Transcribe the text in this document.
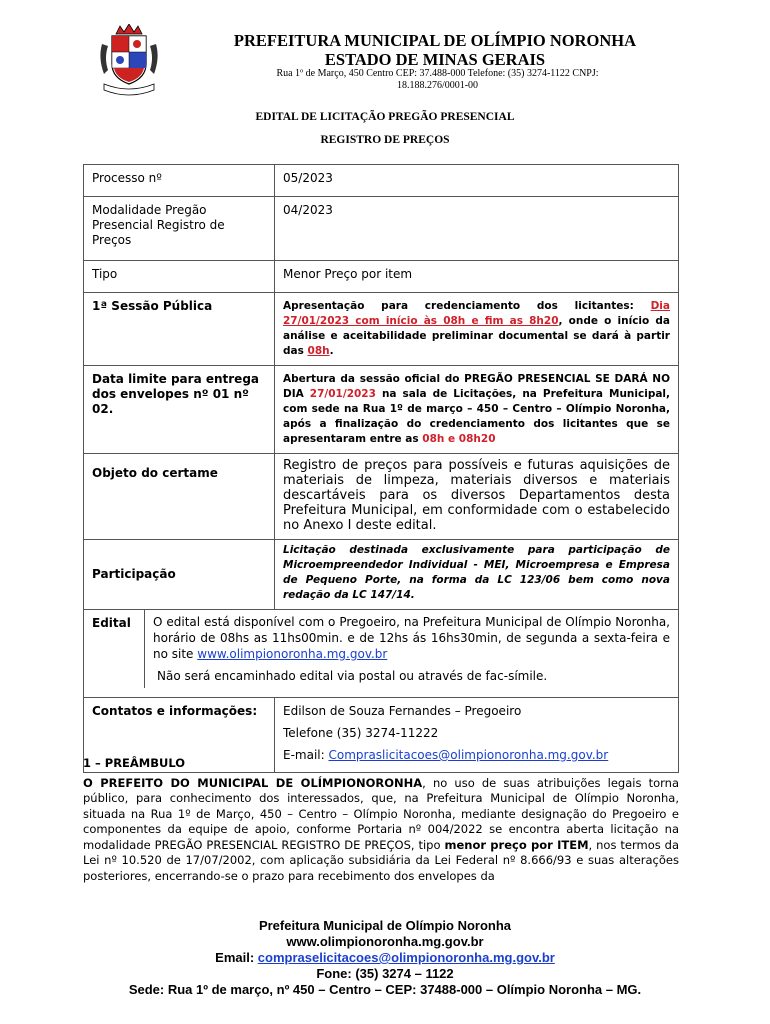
PREFEITURA MUNICIPAL DE OLÍMPIO NORONHA
ESTADO DE MINAS GERAIS
Rua 1º de Março, 450 Centro CEP: 37.488-000 Telefone: (35) 3274-1122 CNPJ: 18.188.276/0001-00
EDITAL DE LICITAÇÃO PREGÃO PRESENCIAL
REGISTRO DE PREÇOS
Processo nº	05/2023
Modalidade Pregão Presencial Registro de Preços	04/2023
Tipo	Menor Preço por item
1ª Sessão Pública	Apresentação para credenciamento dos licitantes: Dia 27/01/2023 com início às 08h e fim as 8h20, onde o início da análise e aceitabilidade preliminar documental se dará à partir das 08h.
Data limite para entrega dos envelopes nº 01 nº 02.	Abertura da sessão oficial do PREGÃO PRESENCIAL SE DARÁ NO DIA 27/01/2023 na sala de Licitações, na Prefeitura Municipal, com sede na Rua 1º de março – 450 – Centro – Olímpio Noronha, após a finalização do credenciamento dos licitantes que se apresentaram entre as 08h e 08h20
Objeto do certame	Registro de preços para possíveis e futuras aquisições de materiais de limpeza, materiais diversos e materiais descartáveis para os diversos Departamentos desta Prefeitura Municipal, em conformidade com o estabelecido no Anexo I deste edital.
Participação	Licitação destinada exclusivamente para participação de Microempreendedor Individual - MEI, Microempresa e Empresa de Pequeno Porte, na forma da LC 123/06 bem como nova redação da LC 147/14.

Edital O edital está disponível com o Pregoeiro, na Prefeitura Municipal de Olímpio Noronha, horário de 08hs as 11hs00min. e de 12hs ás 16hs30min, de segunda a sexta-feira e no site www.olimpionoronha.mg.gov.br
Não será encaminhado edital via postal ou através de fac-símile.	

Contatos e informações:	Edilson de Souza Fernandes – Pregoeiro
Telefone (35) 3274-11222
E-mail: Compraslicitacoes@olimpionoronha.mg.gov.br
1 – PREÂMBULO
O PREFEITO DO MUNICIPAL DE OLÍMPIONORONHA, no uso de suas atribuições legais torna público, para conhecimento dos interessados, que, na Prefeitura Municipal de Olímpio Noronha, situada na Rua 1º de Março, 450 – Centro – Olímpio Noronha, mediante designação do Pregoeiro e componentes da equipe de apoio, conforme Portaria nº 004/2022 se encontra aberta licitação na modalidade PREGÃO PRESENCIAL REGISTRO DE PREÇOS, tipo menor preço por ITEM, nos termos da Lei nº 10.520 de 17/07/2002, com aplicação subsidiária da Lei Federal nº 8.666/93 e suas alterações posteriores, encerrando-se o prazo para recebimento dos envelopes da
Prefeitura Municipal de Olímpio Noronha
www.olimpionoronha.mg.gov.br
Email: compraselicitacoes@olimpionoronha.mg.gov.br
Fone: (35) 3274 – 1122
Sede: Rua 1º de março, nº 450 – Centro – CEP: 37488-000 – Olímpio Noronha – MG.
